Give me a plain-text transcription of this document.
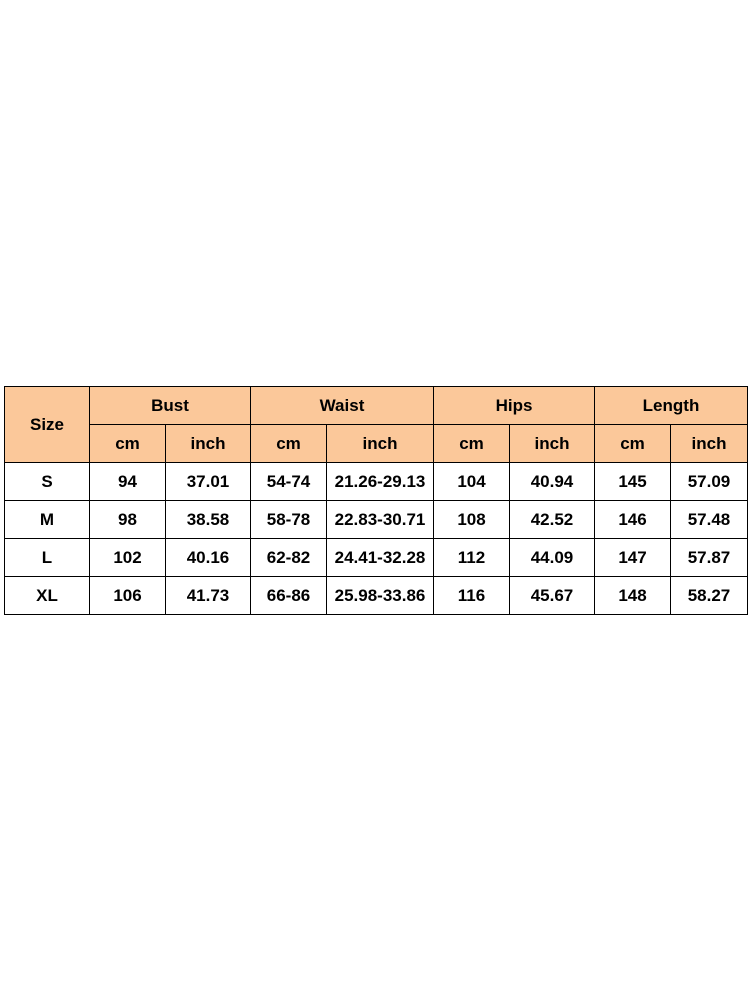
Size	Bust		Waist		Hips		Length	
	cm	inch	cm	inch	cm	inch	cm	inch
S	94	37.01	54-74	21.26-29.13	104	40.94	145	57.09
M	98	38.58	58-78	22.83-30.71	108	42.52	146	57.48
L	102	40.16	62-82	24.41-32.28	112	44.09	147	57.87
XL	106	41.73	66-86	25.98-33.86	116	45.67	148	58.27
